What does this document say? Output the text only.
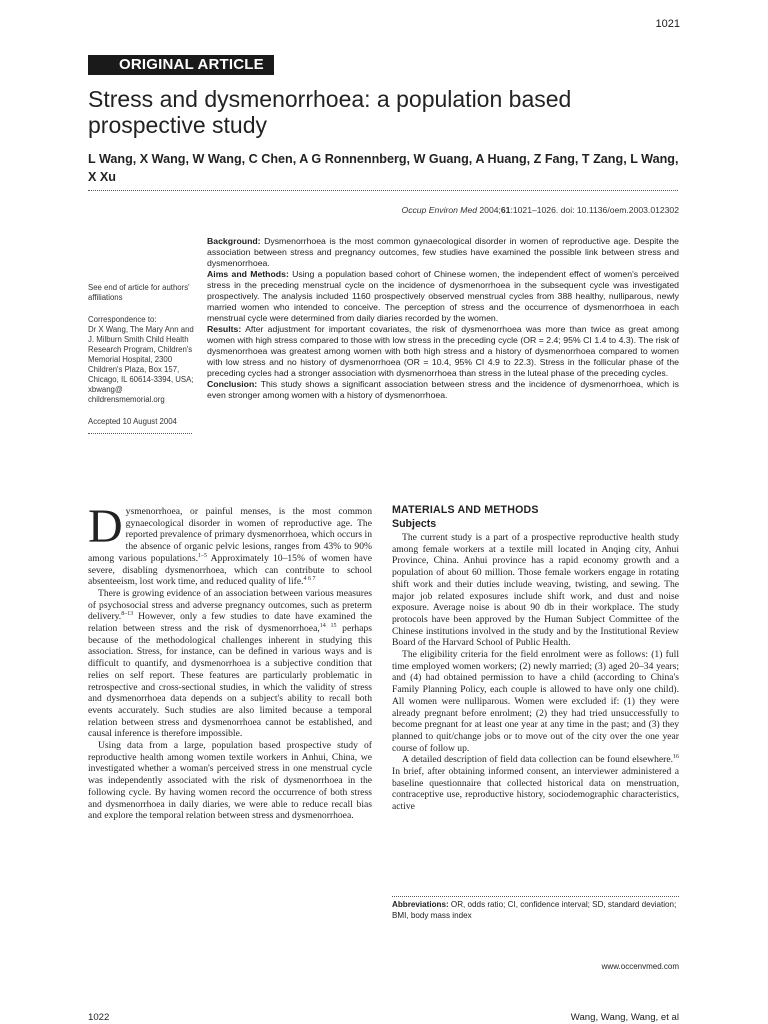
1021
ORIGINAL ARTICLE
Stress and dysmenorrhoea: a population based prospective study
L Wang, X Wang, W Wang, C Chen, A G Ronnennberg, W Guang, A Huang, Z Fang, T Zang, L Wang, X Xu
Occup Environ Med 2004;61:1021–1026. doi: 10.1136/oem.2003.012302

See end of article for authors' affiliations

Correspondence to:

Dr X Wang, The Mary Ann and J. Milburn Smith Child Health Research Program, Children's Memorial Hospital, 2300 Children's Plaza, Box 157, Chicago, IL 60614-3394, USA;

xbwang@
childrensmemorial.org

Accepted 10 August 2004

Background: Dysmenorrhoea is the most common gynaecological disorder in women of reproductive age. Despite the association between stress and pregnancy outcomes, few studies have examined the possible link between stress and dysmenorrhoea.

Aims and Methods: Using a population based cohort of Chinese women, the independent effect of women's perceived stress in the preceding menstrual cycle on the incidence of dysmenorrhoea in the subsequent cycle was investigated prospectively. The analysis included 1160 prospectively observed menstrual cycles from 388 healthy, nulliparous, newly married women who intended to conceive. The perception of stress and the occurrence of dysmenorrhoea in each menstrual cycle were determined from daily diaries recorded by the women.

Results: After adjustment for important covariates, the risk of dysmenorrhoea was more than twice as great among women with high stress compared to those with low stress in the preceding cycle (OR = 2.4; 95% CI 1.4 to 4.3). The risk of dysmenorrhoea was greatest among women with both high stress and a history of dysmenorrhoea compared to women with low stress and no history of dysmenorrhoea (OR = 10.4, 95% CI 4.9 to 22.3). Stress in the follicular phase of the preceding cycles had a stronger association with dysmenorrhoea than stress in the luteal phase of the preceding cycles.

Conclusion: This study shows a significant association between stress and the incidence of dysmenorrhoea, which is even stronger among women with a history of dysmenorrhoea.

Dysmenorrhoea, or painful menses, is the most common gynaecological disorder in women of reproductive age. The reported prevalence of primary dysmenorrhoea, which occurs in the absence of organic pelvic lesions, ranges from 43% to 90% among various populations.$^{1-5}$ Approximately 10–15% of women have severe, disabling dysmenorrhoea, which can contribute to school absenteeism, lost work time, and reduced quality of life.$^{4 6 7}$

There is growing evidence of an association between various measures of psychosocial stress and adverse pregnancy outcomes, such as preterm delivery.$^{8-13}$ However, only a few studies to date have examined the relation between stress and the risk of dysmenorrhoea,$^{14 15}$ perhaps because of the methodological challenges inherent in studying this association. Stress, for instance, can be defined in various ways and is difficult to quantify, and dysmenorrhoea is a subjective condition that relies on self report. These features are particularly problematic in retrospective and cross-sectional studies, in which the validity of stress and dysmenorrhoea data depends on a subject's ability to recall both events accurately. Such studies are also limited because a temporal relation between stress and dysmenorrhoea cannot be established, and causal inference is therefore impossible.

Using data from a large, population based prospective study of reproductive health among women textile workers in Anhui, China, we investigated whether a woman's perceived stress in one menstrual cycle was independently associated with the risk of dysmenorrhoea in the following cycle. By having women record the occurrence of both stress and dysmenorrhoea in daily diaries, we were able to reduce recall bias and explore the temporal relation between stress and dysmenorrhoea.

MATERIALS AND METHODS
Subjects

The current study is a part of a prospective reproductive health study among female workers at a textile mill located in Anqing city, Anhui Province, China. Anhui province has a rapid economy growth and a population of about 60 million. Those female workers engage in rotating shift work and their duties include weaving, twisting, and sewing. The major job related exposures include shift work, and dust and noise exposure. Average noise is about 90 db in their workplace. The study protocols have been approved by the Human Subject Committee of the Chinese institutions involved in the study and by the Institutional Review Board of the Harvard School of Public Health.

The eligibility criteria for the field enrolment were as follows: (1) full time employed women workers; (2) newly married; (3) aged 20–34 years; and (4) had obtained permission to have a child (according to China's Family Planning Policy, each couple is allowed to have only one child). All women were nulliparous. Women were excluded if: (1) they were already pregnant before enrolment; (2) they had tried unsuccessfully to become pregnant for at least one year at any time in the past; and (3) they planned to quit/change jobs or to move out of the city over the one year course of follow up.

A detailed description of field data collection can be found elsewhere.$^{16}$ In brief, after obtaining informed consent, an interviewer administered a baseline questionnaire that collected historical data on menstruation, contraceptive use, reproductive history, sociodemographic characteristics, active

Abbreviations: OR, odds ratio; CI, confidence interval; SD, standard deviation; BMI, body mass index
www.occenvmed.com
1022	Wang, Wang, Wang, et al
